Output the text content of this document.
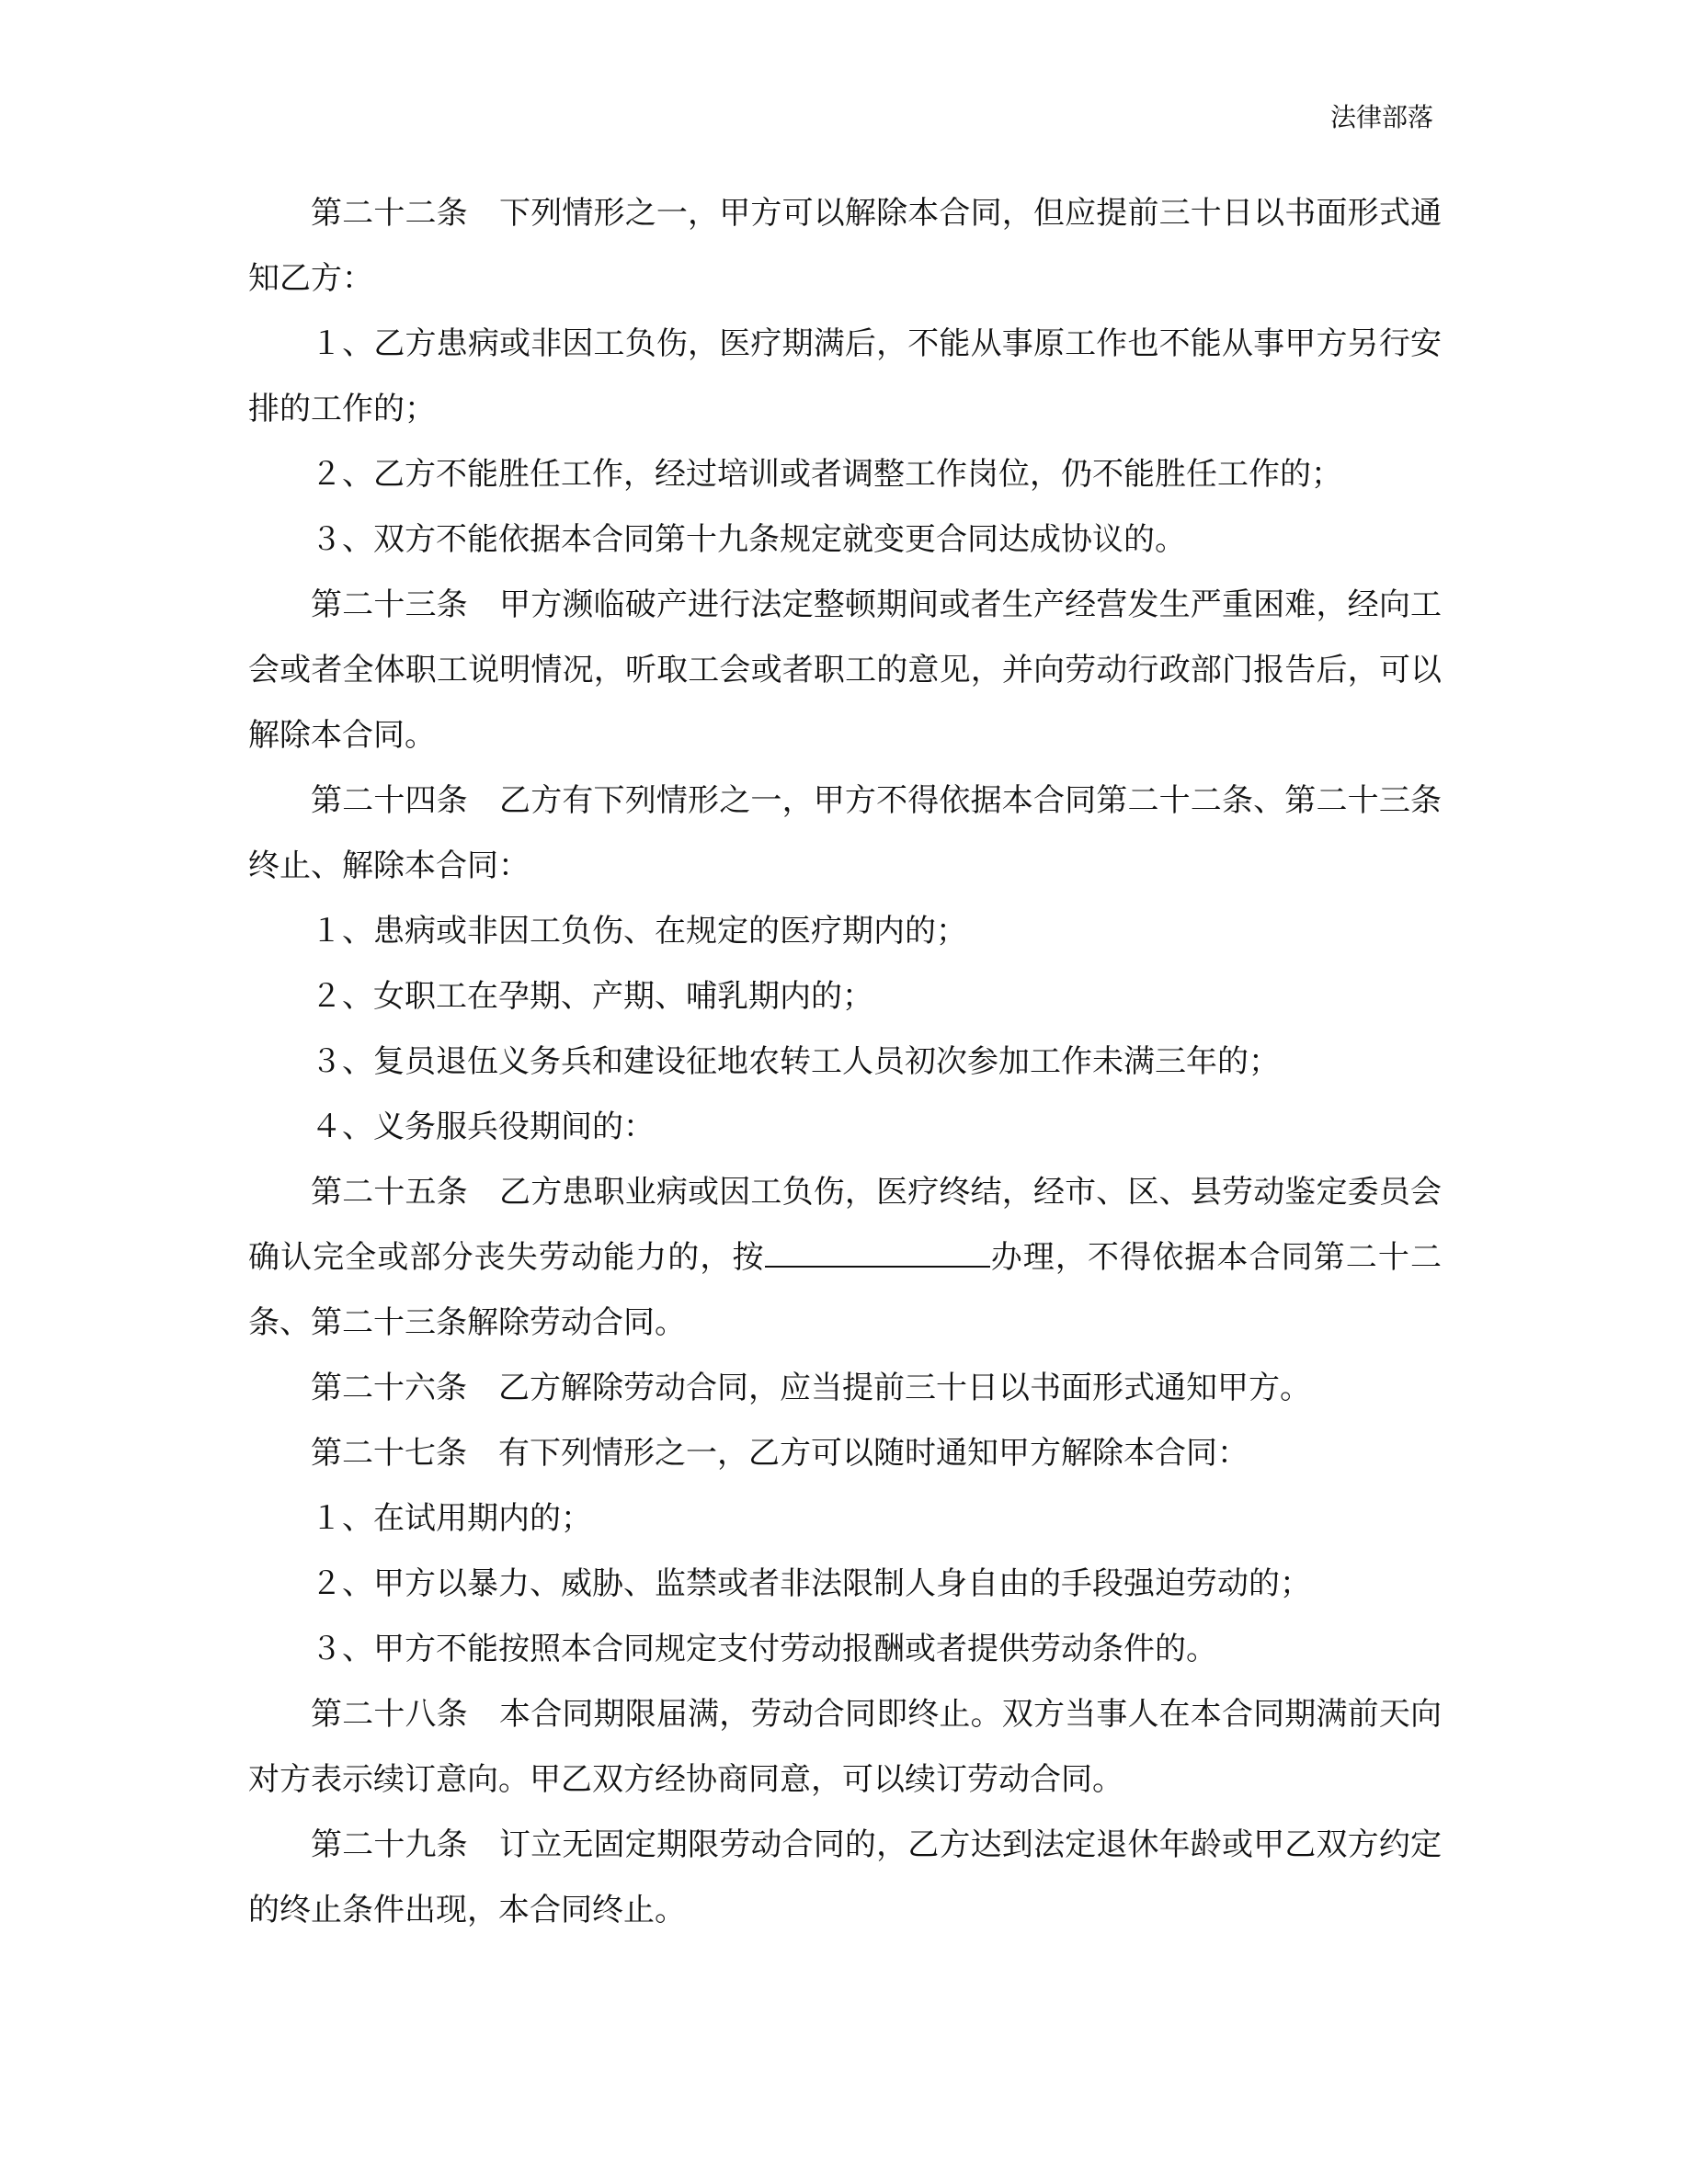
法律部落

第二十二条　下列情形之一，甲方可以解除本合同，但应提前三十日以书面形式通知乙方：

１、乙方患病或非因工负伤，医疗期满后，不能从事原工作也不能从事甲方另行安排的工作的；

２、乙方不能胜任工作，经过培训或者调整工作岗位，仍不能胜任工作的；

３、双方不能依据本合同第十九条规定就变更合同达成协议的。

第二十三条　甲方濒临破产进行法定整顿期间或者生产经营发生严重困难，经向工会或者全体职工说明情况，听取工会或者职工的意见，并向劳动行政部门报告后，可以解除本合同。

第二十四条　乙方有下列情形之一，甲方不得依据本合同第二十二条、第二十三条终止、解除本合同：

１、患病或非因工负伤、在规定的医疗期内的；

２、女职工在孕期、产期、哺乳期内的；

３、复员退伍义务兵和建设征地农转工人员初次参加工作未满三年的；

４、义务服兵役期间的：

第二十五条　乙方患职业病或因工负伤，医疗终结，经市、区、县劳动鉴定委员会确认完全或部分丧失劳动能力的，按	办理，不得依据本合同第二十二条、第二十三条解除劳动合同。

第二十六条　乙方解除劳动合同，应当提前三十日以书面形式通知甲方。

第二十七条　有下列情形之一，乙方可以随时通知甲方解除本合同：

１、在试用期内的；

２、甲方以暴力、威胁、监禁或者非法限制人身自由的手段强迫劳动的；

３、甲方不能按照本合同规定支付劳动报酬或者提供劳动条件的。

第二十八条　本合同期限届满，劳动合同即终止。双方当事人在本合同期满前天向对方表示续订意向。甲乙双方经协商同意，可以续订劳动合同。

第二十九条　订立无固定期限劳动合同的，乙方达到法定退休年龄或甲乙双方约定的终止条件出现，本合同终止。
